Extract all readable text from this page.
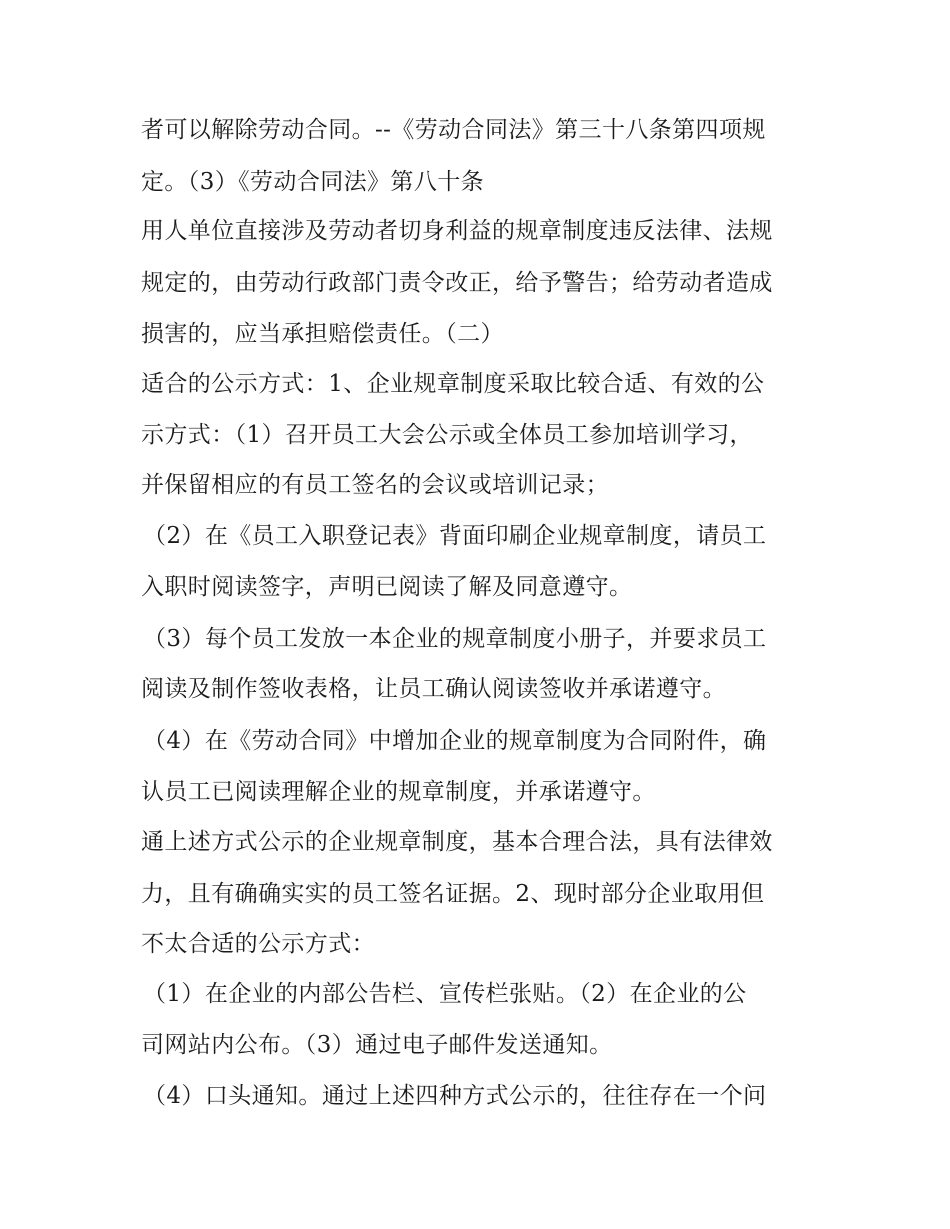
者可以解除劳动合同。--《劳动合同法》第三十八条第四项规
定。（3）《劳动合同法》第八十条
用人单位直接涉及劳动者切身利益的规章制度违反法律、法规
规定的，由劳动行政部门责令改正，给予警告；给劳动者造成
损害的，应当承担赔偿责任。（二）
适合的公示方式：1、企业规章制度采取比较合适、有效的公
示方式：（1）召开员工大会公示或全体员工参加培训学习，
并保留相应的有员工签名的会议或培训记录；
（2）在《员工入职登记表》背面印刷企业规章制度，请员工
入职时阅读签字，声明已阅读了解及同意遵守。
（3）每个员工发放一本企业的规章制度小册子，并要求员工
阅读及制作签收表格，让员工确认阅读签收并承诺遵守。
（4）在《劳动合同》中增加企业的规章制度为合同附件，确
认员工已阅读理解企业的规章制度，并承诺遵守。
通上述方式公示的企业规章制度，基本合理合法，具有法律效
力，且有确确实实的员工签名证据。2、现时部分企业取用但
不太合适的公示方式：
（1）在企业的内部公告栏、宣传栏张贴。（2）在企业的公
司网站内公布。（3）通过电子邮件发送通知。
（4）口头通知。通过上述四种方式公示的，往往存在一个问
